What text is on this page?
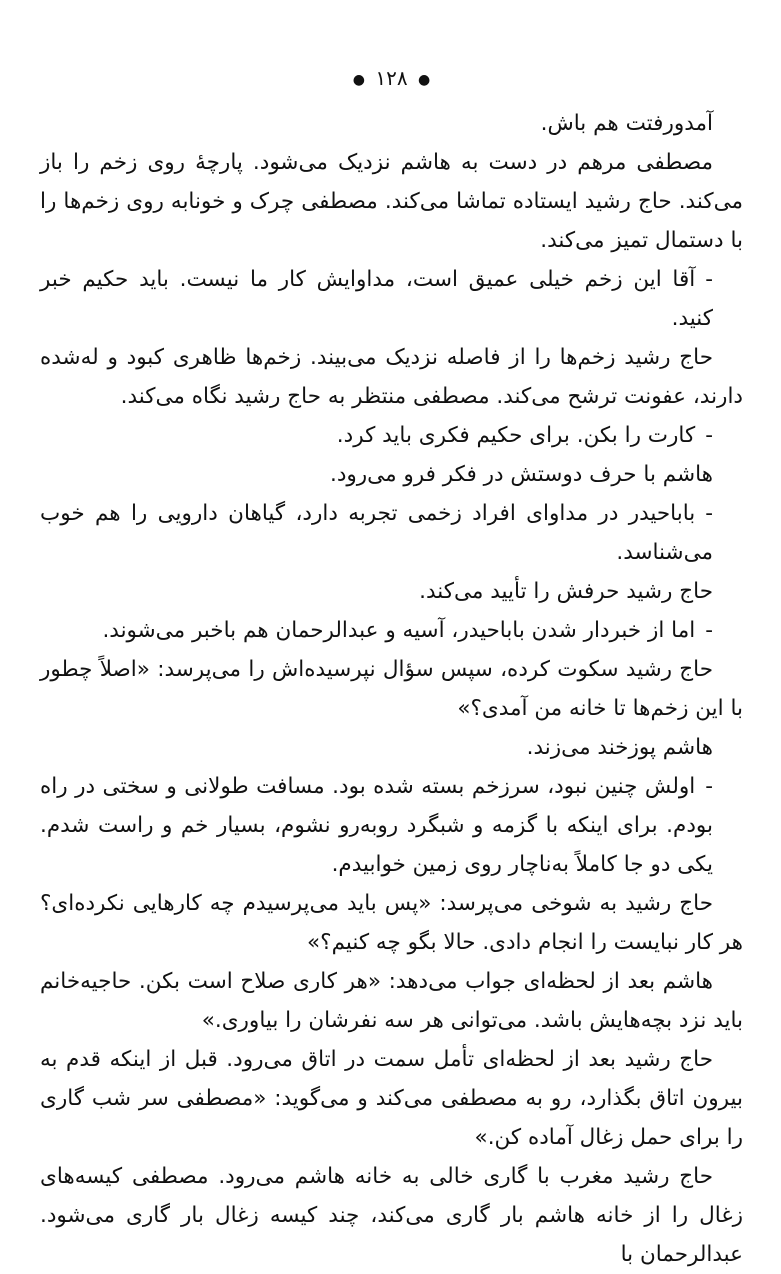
● ۱۲۸ ●

آمدورفتت هم باش.

مصطفی مرهم در دست به هاشم نزدیک می‌شود. پارچهٔ روی زخم را باز می‌کند. حاج رشید ایستاده تماشا می‌کند. مصطفی چرک و خونابه روی زخم‌ها را با دستمال تمیز می‌کند.

-آقا این زخم خیلی عمیق است، مداوایش کار ما نیست. باید حکیم خبر کنید.

حاج رشید زخم‌ها را از فاصله نزدیک می‌بیند. زخم‌ها ظاهری کبود و له‌شده دارند، عفونت ترشح می‌کند. مصطفی منتظر به حاج رشید نگاه می‌کند.

-کارت را بکن. برای حکیم فکری باید کرد.

هاشم با حرف دوستش در فکر فرو می‌رود.

-باباحیدر در مداوای افراد زخمی تجربه دارد، گیاهان دارویی را هم خوب می‌شناسد.

حاج رشید حرفش را تأیید می‌کند.

-اما از خبردار شدن باباحیدر، آسیه و عبدالرحمان هم باخبر می‌شوند.

حاج رشید سکوت کرده، سپس سؤال نپرسیده‌اش را می‌پرسد: «اصلاً چطور با این زخم‌ها تا خانه من آمدی؟»

هاشم پوزخند می‌زند.

-اولش چنین نبود، سرزخم بسته شده بود. مسافت طولانی و سختی در راه بودم. برای اینکه با گزمه و شبگرد روبه‌رو نشوم، بسیار خم و راست شدم. یکی دو جا کاملاً به‌ناچار روی زمین خوابیدم.

حاج رشید به شوخی می‌پرسد: «پس باید می‌پرسیدم چه کارهایی نکرده‌ای؟ هر کار نبایست را انجام دادی. حالا بگو چه کنیم؟»

هاشم بعد از لحظه‌ای جواب می‌دهد: «هر کاری صلاح است بکن. حاجیه‌خانم باید نزد بچه‌هایش باشد. می‌توانی هر سه نفرشان را بیاوری.»

حاج رشید بعد از لحظه‌ای تأمل سمت در اتاق می‌رود. قبل از اینکه قدم به بیرون اتاق بگذارد، رو به مصطفی می‌کند و می‌گوید: «مصطفی سر شب گاری را برای حمل زغال آماده کن.»

حاج رشید مغرب با گاری خالی به خانه هاشم می‌رود. مصطفی کیسه‌های زغال را از خانه هاشم بار گاری می‌کند، چند کیسه زغال بار گاری می‌شود. عبدالرحمان با
